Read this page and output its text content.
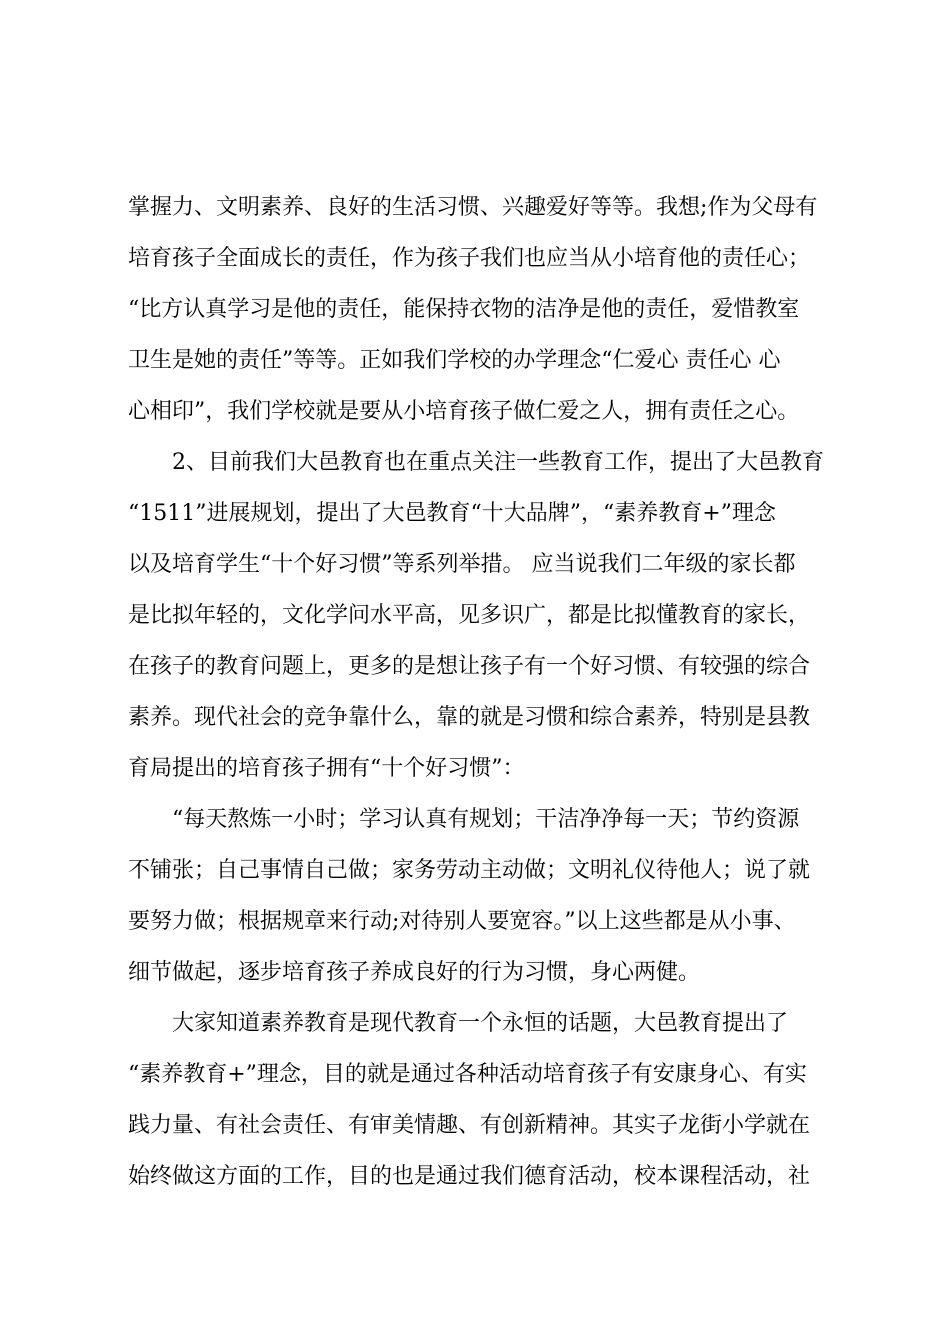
掌握力、文明素养、良好的生活习惯、兴趣爱好等等。我想;作为父母有
培育孩子全面成长的责任，作为孩子我们也应当从小培育他的责任心；
“比方认真学习是他的责任，能保持衣物的洁净是他的责任，爱惜教室
卫生是她的责任”等等。正如我们学校的办学理念“仁爱心 责任心 心
心相印”，我们学校就是要从小培育孩子做仁爱之人，拥有责任之心。
2、目前我们大邑教育也在重点关注一些教育工作，提出了大邑教育
“1511”进展规划，提出了大邑教育“十大品牌”，“素养教育+”理念
以及培育学生“十个好习惯”等系列举措。 应当说我们二年级的家长都
是比拟年轻的，文化学问水平高，见多识广，都是比拟懂教育的家长，
在孩子的教育问题上，更多的是想让孩子有一个好习惯、有较强的综合
素养。现代社会的竞争靠什么，靠的就是习惯和综合素养，特别是县教
育局提出的培育孩子拥有“十个好习惯”：
“每天熬炼一小时；学习认真有规划；干洁净净每一天；节约资源
不铺张；自己事情自己做；家务劳动主动做；文明礼仪待他人；说了就
要努力做；根据规章来行动;对待别人要宽容。”以上这些都是从小事、
细节做起，逐步培育孩子养成良好的行为习惯，身心两健。
大家知道素养教育是现代教育一个永恒的话题，大邑教育提出了
“素养教育+”理念，目的就是通过各种活动培育孩子有安康身心、有实
践力量、有社会责任、有审美情趣、有创新精神。其实子龙街小学就在
始终做这方面的工作，目的也是通过我们德育活动，校本课程活动，社
